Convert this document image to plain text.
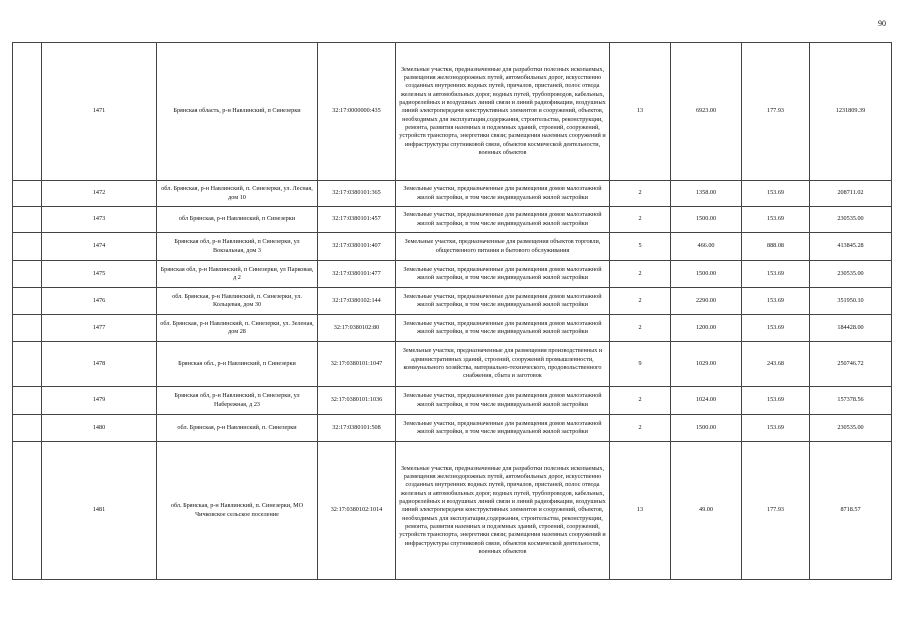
90
	1471	Брянская область, р-н Навлинский, п Синезерки	32:17:0000000:435	Земельные участки, предназначенные для разработки полезных ископаемых, размещения железнодорожных путей, автомобильных дорог, искусственно созданных внутренних водных путей, причалов, пристаней, полос отвода железных и автомобильных дорог, водных путей, трубопроводов, кабельных, радиорелейных и воздушных линий связи и линий радиофикации, воздушных линий электропередачи конструктивных элементов и сооружений, объектов, необходимых для эксплуатации,содержания, строительства, реконструкции, ремонта, развития наземных и подземных зданий, строений, сооружений, устройств транспорта, энергетики связи; размещения наземных сооружений и инфраструктуры спутниковой связи, объектов космической деятельности, военных объектов	13	6923.00	177.93	1231809.39
	1472	обл. Брянская, р-н Навлинский, п. Синезерки, ул. Лесная, дом 10	32:17:0380101:365	Земельные участки, предназначенные для размещения домов малоэтажной жилой застройки, в том числе индивидуальной жилой застройки	2	1358.00	153.69	208711.02
	1473	обл Брянская, р-н Навлинский, п Синезерки	32:17:0380101:457	Земельные участки, предназначенные для размещения домов малоэтажной жилой застройки, в том числе индивидуальной жилой застройки	2	1500.00	153.69	230535.00
	1474	Брянская обл, р-н Навлинский, п Синезерки, ул Вокзальная, дом 3	32:17:0380101:407	Земельные участки, предназначенные для размещения объектов торговли, общественного питания и бытового обслуживания	5	466.00	888.08	413845.28
	1475	Брянская обл, р-н Навлинский, п Синезерки, ул Парковая, д 2	32:17:0380101:477	Земельные участки, предназначенные для размещения домов малоэтажной жилой застройки, в том числе индивидуальной жилой застройки	2	1500.00	153.69	230535.00
	1476	обл. Брянская, р-н Навлинский, п. Синезерки, ул. Кольцевая, дом 30	32:17:0380102:144	Земельные участки, предназначенные для размещения домов малоэтажной жилой застройки, в том числе индивидуальной жилой застройки	2	2290.00	153.69	351950.10
	1477	обл. Брянская, р-н Навлинский, п. Синезерки, ул. Зеленая, дом 28	32:17:0380102:80	Земельные участки, предназначенные для размещения домов малоэтажной жилой застройки, в том числе индивидуальной жилой застройки	2	1200.00	153.69	184428.00
	1478	Брянская обл., р-н Навлинский, п Синезерки	32:17:0380101:1047	Земельные участки, предназначенные для размещения производственных и административных зданий, строений, сооружений промышленности, коммунального хозяйства, материально-технического, продовольственного снабжения, сбыта и заготовок	9	1029.00	243.68	250746.72
	1479	Брянская обл, р-н Навлинский, п Синезерки, ул Набережная, д 23	32:17:0380101:1036	Земельные участки, предназначенные для размещения домов малоэтажной жилой застройки, в том числе индивидуальной жилой застройки	2	1024.00	153.69	157378.56
	1480	обл. Брянская, р-н Навлинский, п. Синезерки	32:17:0380101:508	Земельные участки, предназначенные для размещения домов малоэтажной жилой застройки, в том числе индивидуальной жилой застройки	2	1500.00	153.69	230535.00
	1481	обл. Брянская, р-н Навлинский, п. Синезерки, МО Чичковское сельское поселение	32:17:0380102:1014	Земельные участки, предназначенные для разработки полезных ископаемых, размещения железнодорожных путей, автомобильных дорог, искусственно созданных внутренних водных путей, причалов, пристаней, полос отвода железных и автомобильных дорог, водных путей, трубопроводов, кабельных, радиорелейных и воздушных линий связи и линий радиофикации, воздушных линий электропередачи конструктивных элементов и сооружений, объектов, необходимых для эксплуатации,содержания, строительства, реконструкции, ремонта, развития наземных и подземных зданий, строений, сооружений, устройств транспорта, энергетики связи; размещения наземных сооружений и инфраструктуры спутниковой связи, объектов космической деятельности, военных объектов	13	49.00	177.93	8718.57
